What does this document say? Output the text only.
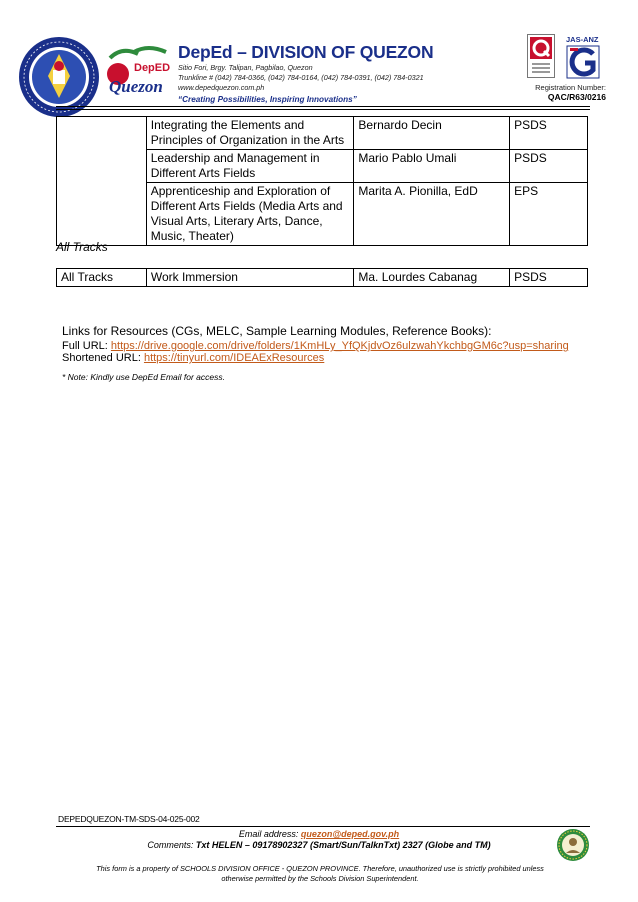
DepED
Quezon
DepEd – DIVISION OF QUEZON
Sitio Fori, Brgy. Talipan, Pagbilao, Quezon
Trunkline # (042) 784-0366, (042) 784-0164, (042) 784-0391, (042) 784-0321
www.depedquezon.com.ph
“Creating Possibilities, Inspiring Innovations”
JAS-ANZ
Registration Number:
QAC/R63/0216
	Integrating the Elements and Principles of Organization in the Arts	Bernardo Decin	PSDS
	Leadership and Management in Different Arts Fields	Mario Pablo Umali	PSDS
	Apprenticeship and Exploration of Different Arts Fields (Media Arts and Visual Arts, Literary Arts, Dance, Music, Theater)	Marita A. Pionilla, EdD	EPS
All Tracks
All Tracks	Work Immersion	Ma. Lourdes Cabanag	PSDS
Links for Resources (CGs, MELC, Sample Learning Modules, Reference Books):
Full URL: https://drive.google.com/drive/folders/1KmHLy_YfQKjdvOz6ulzwahYkchbgGM6c?usp=sharing
Shortened URL: https://tinyurl.com/IDEAExResources
* Note: Kindly use DepEd Email for access.
DEPEDQUEZON-TM-SDS-04-025-002
Email address: quezon@deped.gov.ph
Comments: Txt HELEN – 09178902327 (Smart/Sun/TalknTxt) 2327 (Globe and TM)
This form is a property of SCHOOLS DIVISION OFFICE - QUEZON PROVINCE. Therefore, unauthorized use is strictly prohibited unless otherwise permitted by the Schools Division Superintendent.
